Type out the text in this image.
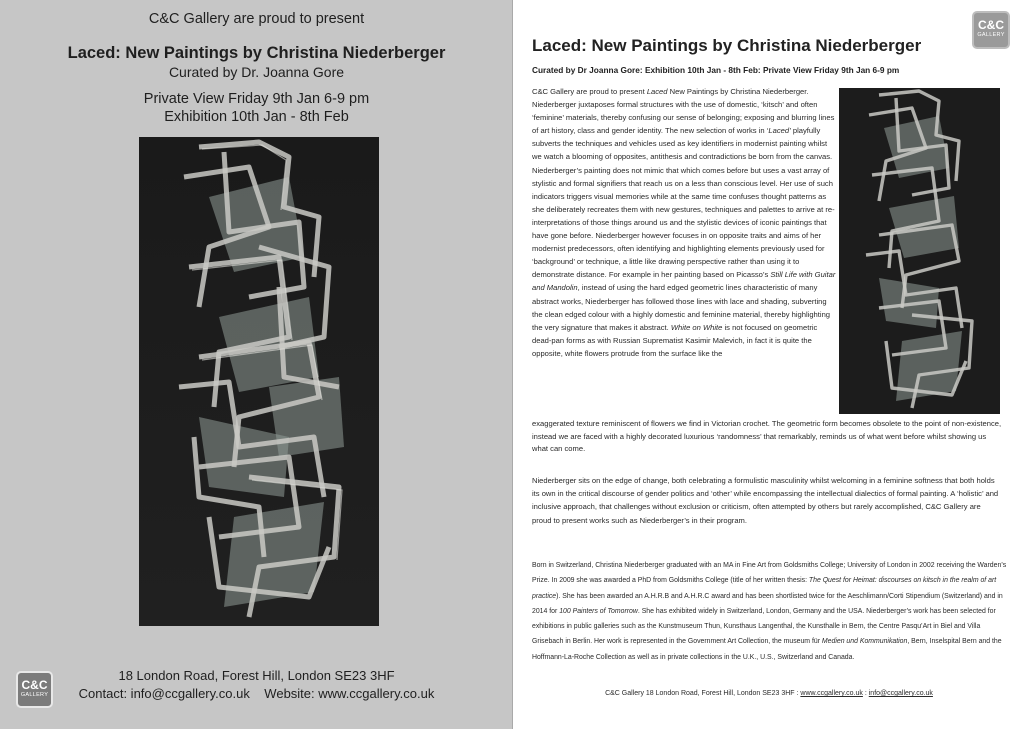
C&C Gallery are proud to present
Laced: New Paintings by Christina Niederberger
Curated by Dr. Joanna Gore
Private View Friday 9th Jan 6-9 pm
Exhibition 10th Jan - 8th Feb
C&C
GALLERY
18 London Road, Forest Hill, London SE23 3HF
Contact: info@ccgallery.co.uk    Website: www.ccgallery.co.uk
Laced: New Paintings by Christina Niederberger
Curated by Dr Joanna Gore: Exhibition 10th Jan - 8th Feb: Private View Friday 9th Jan 6-9 pm
C&C
GALLERY
C&C Gallery are proud to present Laced New Paintings by Christina Niederberger. Niederberger juxtaposes formal structures with the use of domestic, ‘kitsch’ and often ‘feminine’ materials, thereby confusing our sense of belonging; exposing and blurring lines of art history, class and gender identity. The new selection of works in ‘Laced’ playfully subverts the techniques and vehicles used as key identifiers in modernist painting whilst we watch a blooming of opposites, antithesis and contradictions be born from the canvas. Niederberger’s painting does not mimic that which comes before but uses a vast array of stylistic and formal signifiers that reach us on a less than conscious level. Her use of such indicators triggers visual memories while at the same time confuses thought patterns as she deliberately recreates them with new gestures, techniques and palettes to arrive at re-interpretations of those things around us and the stylistic devices of iconic paintings that have gone before. Niederberger however focuses in on opposite traits and aims of her modernist predecessors, often identifying and highlighting elements previously used for ‘background’ or technique, a little like drawing perspective rather than using it to demonstrate distance. For example in her painting based on Picasso’s Still Life with Guitar and Mandolin, instead of using the hard edged geometric lines characteristic of many abstract works, Niederberger has followed those lines with lace and shading, subverting the clean edged colour with a highly domestic and feminine material, thereby highlighting the very signature that makes it abstract. White on White is not focused on geometric dead-pan forms as with Russian Suprematist Kasimir Malevich, in fact it is quite the opposite, white flowers protrude from the surface like the
exaggerated texture reminiscent of flowers we find in Victorian crochet. The geometric form becomes obsolete to the point of non-existence, instead we are faced with a highly decorated luxurious ‘randomness’ that remarkably, reminds us of what went before whilst showing us what can come.
Niederberger sits on the edge of change, both celebrating a formulistic masculinity whilst welcoming in a feminine softness that both holds its own in the critical discourse of gender politics and ‘other’ while encompassing the intellectual dialectics of formal painting. A ‘holistic’ and inclusive approach, that challenges without exclusion or criticism, often attempted by others but rarely accomplished, C&C Gallery are proud to present works such as Niederberger’s in their program.
Born in Switzerland, Christina Niederberger graduated with an MA in Fine Art from Goldsmiths College; University of London in 2002 receiving the Warden’s Prize. In 2009 she was awarded a PhD from Goldsmiths College (title of her written thesis: The Quest for Heimat: discourses on kitsch in the realm of art practice). She has been awarded an A.H.R.B and A.H.R.C award and has been shortlisted twice for the Aeschlimann/Corti Stipendium (Switzerland) and in 2014 for 100 Painters of Tomorrow. She has exhibited widely in Switzerland, London, Germany and the USA. Niederberger’s work has been selected for exhibitions in public galleries such as the Kunstmuseum Thun, Kunsthaus Langenthal, the Kunsthalle in Bern, the Centre Pasqu’Art in Biel and Villa Grisebach in Berlin. Her work is represented in the Government Art Collection, the museum für Medien und Kommunikation, Bern, Inselspital Bern and the Hoffmann-La-Roche Collection as well as in private collections in the U.K., U.S., Switzerland and Canada.
C&C Gallery 18 London Road, Forest Hill, London SE23 3HF : www.ccgallery.co.uk : info@ccgallery.co.uk
